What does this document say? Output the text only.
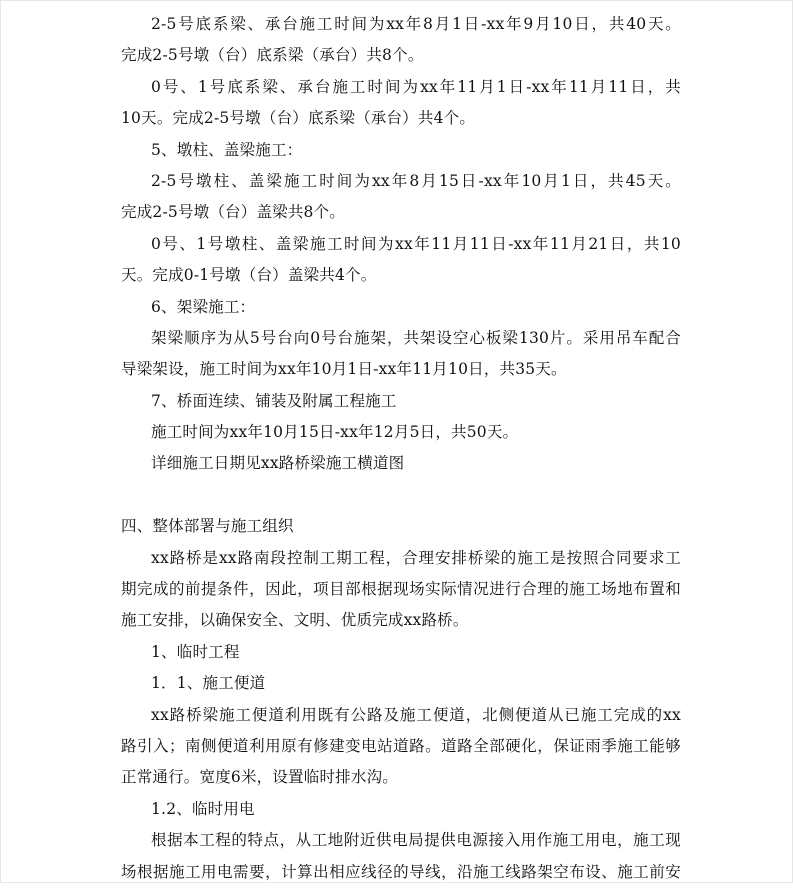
2-5号底系梁、承台施工时间为xx年8月1日-xx年9月10日，共40天。
完成2-5号墩（台）底系梁（承台）共8个。
0号、1号底系梁、承台施工时间为xx年11月1日-xx年11月11日，共
10天。完成2-5号墩（台）底系梁（承台）共4个。
5、墩柱、盖梁施工：
2-5号墩柱、盖梁施工时间为xx年8月15日-xx年10月1日，共45天。
完成2-5号墩（台）盖梁共8个。
0号、1号墩柱、盖梁施工时间为xx年11月11日-xx年11月21日，共10
天。完成0-1号墩（台）盖梁共4个。
6、架梁施工：
架梁顺序为从5号台向0号台施架，共架设空心板梁130片。采用吊车配合
导梁架设，施工时间为xx年10月1日-xx年11月10日，共35天。
7、桥面连续、铺装及附属工程施工
施工时间为xx年10月15日-xx年12月5日，共50天。
详细施工日期见xx路桥梁施工横道图
四、整体部署与施工组织
xx路桥是xx路南段控制工期工程，合理安排桥梁的施工是按照合同要求工
期完成的前提条件，因此，项目部根据现场实际情况进行合理的施工场地布置和
施工安排，以确保安全、文明、优质完成xx路桥。
1、临时工程
1．1、施工便道
xx路桥梁施工便道利用既有公路及施工便道，北侧便道从已施工完成的xx
路引入；南侧便道利用原有修建变电站道路。道路全部硬化，保证雨季施工能够
正常通行。宽度6米，设置临时排水沟。
1.2、临时用电
根据本工程的特点，从工地附近供电局提供电源接入用作施工用电，施工现
场根据施工用电需要，计算出相应线径的导线，沿施工线路架空布设、施工前安
